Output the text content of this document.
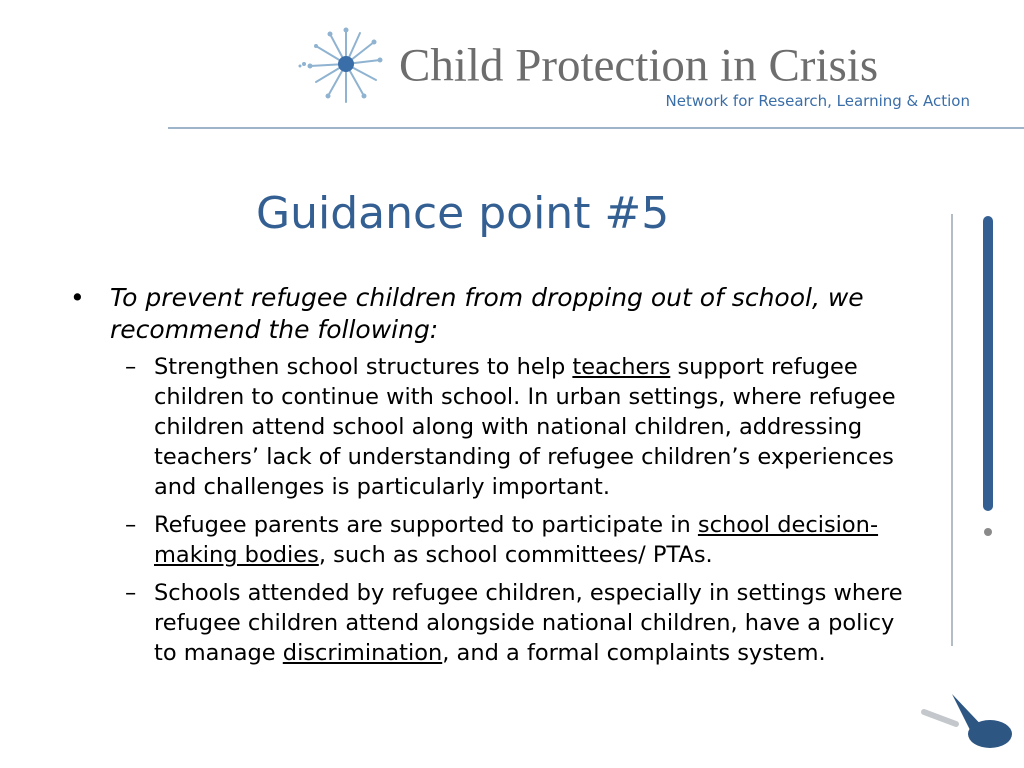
Child Protection in Crisis
Network for Research, Learning & Action
Guidance point #5
• To prevent refugee children from dropping out of school, we recommend the following:
– Strengthen school structures to help teachers support refugee children to continue with school. In urban settings, where refugee children attend school along with national children, addressing teachers’ lack of understanding of refugee children’s experiences and challenges is particularly important.
– Refugee parents are supported to participate in school decision-making bodies, such as school committees/ PTAs.
– Schools attended by refugee children, especially in settings where refugee children attend alongside national children, have a policy to manage discrimination, and a formal complaints system.
